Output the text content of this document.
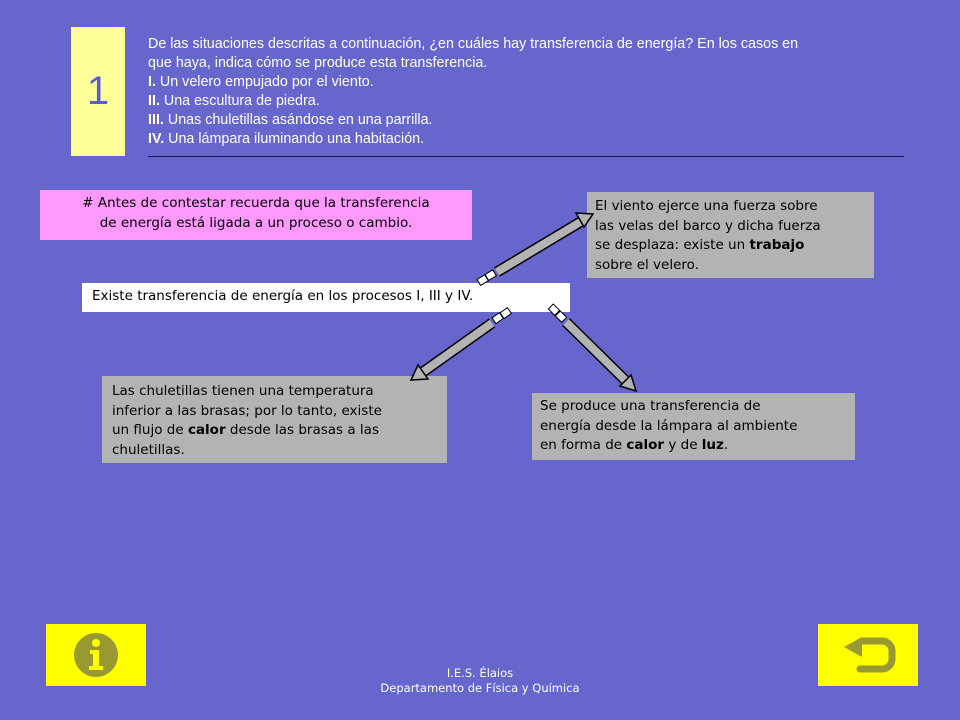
1
De las situaciones descritas a continuación, ¿en cuáles hay transferencia de energía? En los casos en
que haya, indica cómo se produce esta transferencia.
I. Un velero empujado por el viento.
II. Una escultura de piedra.
III. Unas chuletillas asándose en una parrilla.
IV. Una lámpara iluminando una habitación.
# Antes de contestar recuerda que la transferencia
de energía está ligada a un proceso o cambio.
Existe transferencia de energía en los procesos I, III y IV.
El viento ejerce una fuerza sobre
las velas del barco y dicha fuerza
se desplaza: existe un trabajo
sobre el velero.
Las chuletillas tienen una temperatura
inferior a las brasas; por lo tanto, existe
un flujo de calor desde las brasas a las
chuletillas.
Se produce una transferencia de
energía desde la lámpara al ambiente
en forma de calor y de luz.
I.E.S. Élaios
Departamento de Física y Química
